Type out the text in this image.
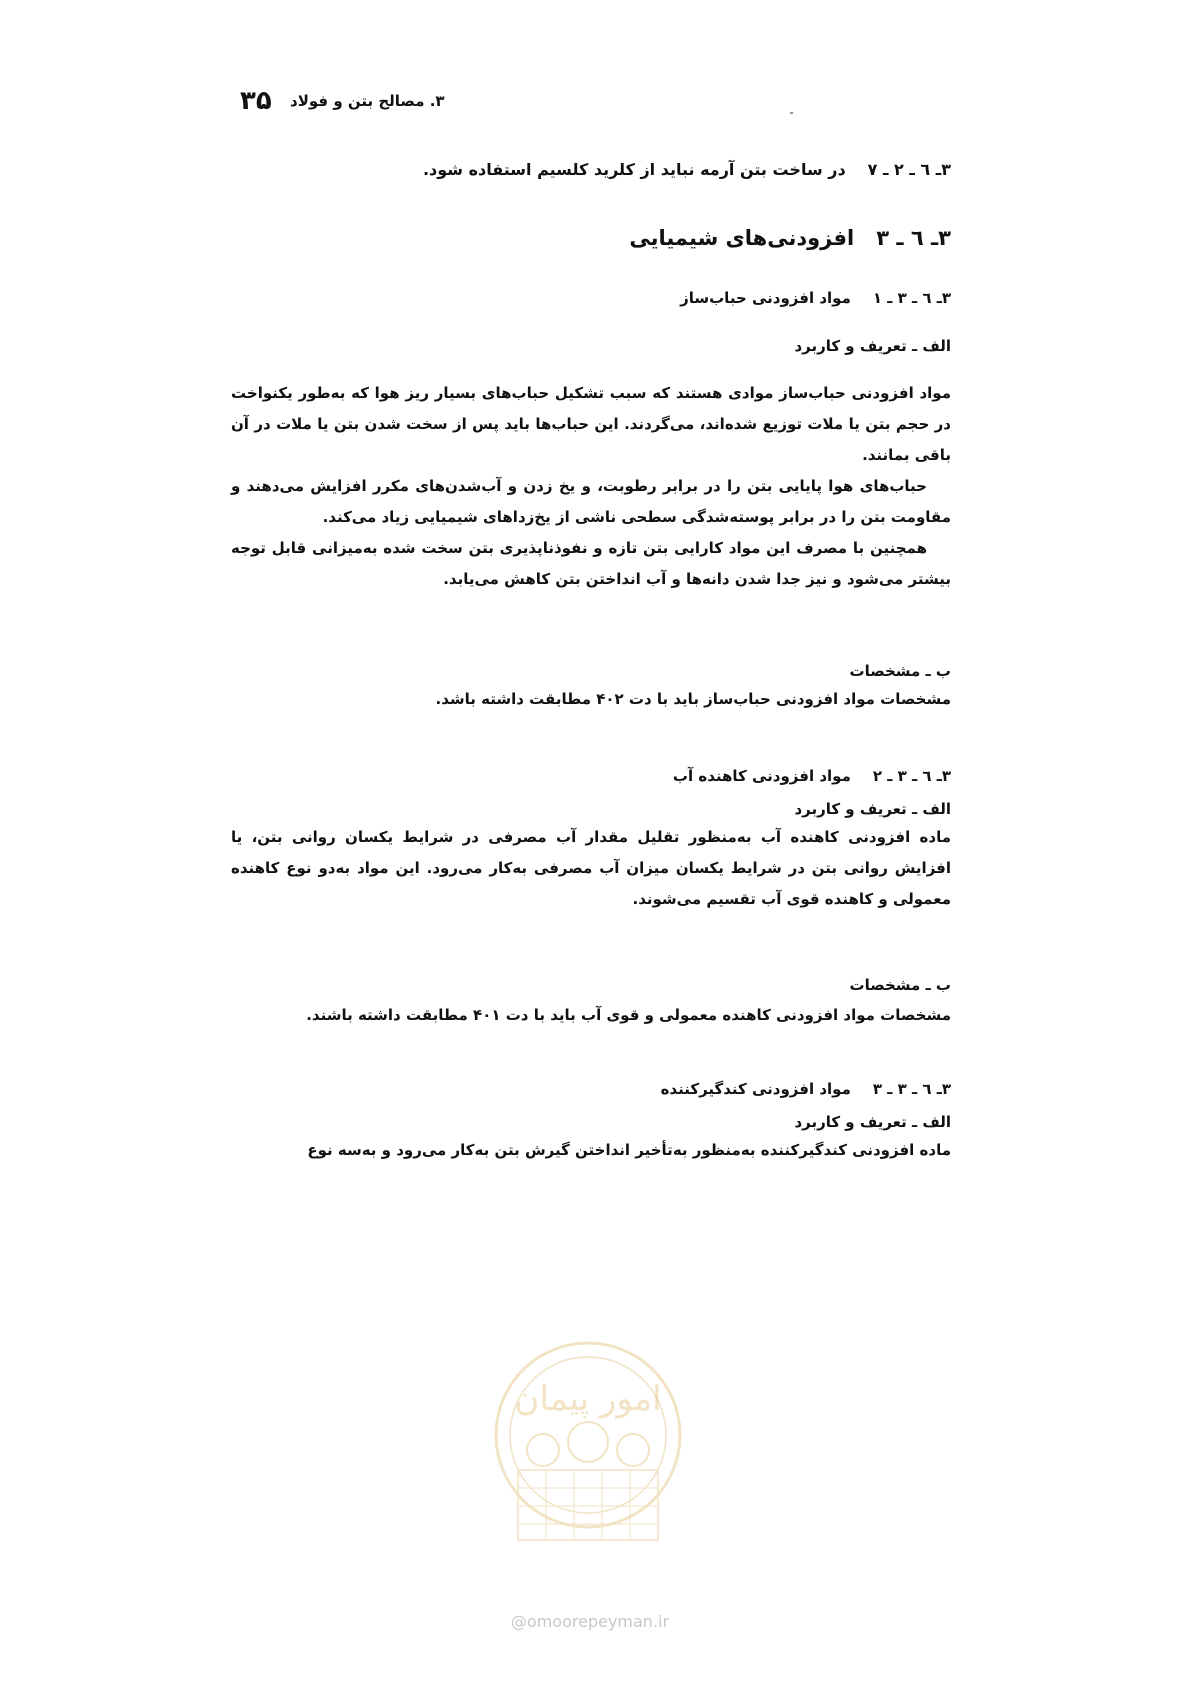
۳۵ ۳. مصالح بتن و فولاد
۳ـ ٦ ـ ۲ ـ ۷در ساخت بتن آرمه نباید از کلرید کلسیم استفاده شود.
۳ـ ٦ ـ ۳افزودنی‌های شیمیایی
۳ـ ٦ ـ ۳ ـ ۱مواد افزودنی حباب‌ساز
الف ـ تعریف و کاربرد

مواد افزودنی حباب‌ساز موادی هستند که سبب تشکیل حباب‌های بسیار ریز هوا که به‌طور یکنواخت در حجم بتن یا ملات توزیع شده‌اند، می‌گردند. این حباب‌ها باید پس از سخت شدن بتن یا ملات در آن باقی بمانند.

حباب‌های هوا پایایی بتن را در برابر رطوبت، و یخ زدن و آب‌شدن‌های مکرر افزایش می‌دهند و مقاومت بتن را در برابر پوسته‌شدگی سطحی ناشی از یخ‌زداهای شیمیایی زیاد می‌کند.

همچنین با مصرف این مواد کارایی بتن تازه و نفوذناپذیری بتن سخت شده به‌میزانی قابل توجه بیشتر می‌شود و نیز جدا شدن دانه‌ها و آب انداختن بتن کاهش می‌یابد.

ب ـ مشخصات

مشخصات مواد افزودنی حباب‌ساز باید با دت ۴۰۲ مطابقت داشته باشد.

۳ـ ٦ ـ ۳ ـ ۲مواد افزودنی کاهنده آب
الف ـ تعریف و کاربرد

ماده افزودنی کاهنده آب به‌منظور تقلیل مقدار آب مصرفی در شرایط یکسان روانی بتن، یا افزایش روانی بتن در شرایط یکسان میزان آب مصرفی به‌کار می‌رود. این مواد به‌دو نوع کاهنده معمولی و کاهنده قوی آب تقسیم می‌شوند.

ب ـ مشخصات

مشخصات مواد افزودنی کاهنده معمولی و قوی آب باید با دت ۴۰۱ مطابقت داشته باشند.

۳ـ ٦ ـ ۳ ـ ۳مواد افزودنی کندگیرکننده
الف ـ تعریف و کاربرد

ماده افزودنی کندگیرکننده به‌منظور به‌تأخیر انداختن گیرش بتن به‌کار می‌رود و به‌سه نوع

امور پیمان
@omoorepeyman.ir
